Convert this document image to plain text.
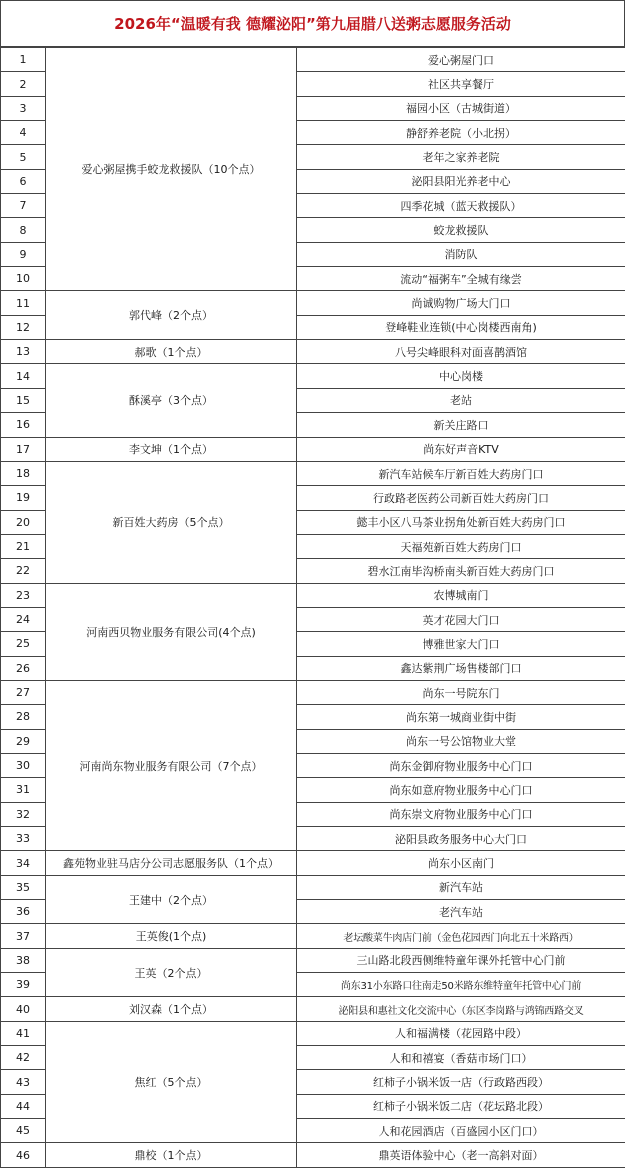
2026年“温暖有我 德耀泌阳”第九届腊八送粥志愿服务活动
1	爱心粥屋携手蛟龙救援队（10个点）	爱心粥屋门口
2		社区共享餐厅
3		福园小区（古城街道）
4		静舒养老院（小北拐）
5		老年之家养老院
6		泌阳县阳光养老中心
7		四季花城（蓝天救援队）
8		蛟龙救援队
9		消防队
10		流动“福粥车”全城有缘尝
11	郭代峰（2个点）	尚诚购物广场大门口
12		登峰鞋业连锁(中心岗楼西南角)
13	郝歌（1个点）	八号尖峰眼科对面喜鹊酒馆
14	酥溪亭（3个点）	中心岗楼
15		老站
16		新关庄路口
17	李文坤（1个点）	尚东好声音KTV
18	新百姓大药房（5个点）	新汽车站候车厅新百姓大药房门口
19		行政路老医药公司新百姓大药房门口
20		懿丰小区八马茶业拐角处新百姓大药房门口
21		天福苑新百姓大药房门口
22		碧水江南毕沟桥南头新百姓大药房门口
23	河南西贝物业服务有限公司(4个点)	农博城南门
24		英才花园大门口
25		博雅世家大门口
26		鑫达紫荆广场售楼部门口
27	河南尚东物业服务有限公司（7个点）	尚东一号院东门
28		尚东第一城商业街中街
29		尚东一号公馆物业大堂
30		尚东金御府物业服务中心门口
31		尚东如意府物业服务中心门口
32		尚东崇文府物业服务中心门口
33		泌阳县政务服务中心大门口
34	鑫苑物业驻马店分公司志愿服务队（1个点）	尚东小区南门
35	王建中（2个点）	新汽车站
36		老汽车站
37	王英俊(1个点)	老坛酸菜牛肉店门前（金色花园西门向北五十米路西）
38	王英（2个点）	三山路北段西侧维特童年课外托管中心门前
39		尚东31小东路口往南走50米路东维特童年托管中心门前
40	刘汉森（1个点）	泌阳县和惠社文化交流中心（东区李岗路与鸿锦西路交叉
41	焦红（5个点）	人和福满楼（花园路中段）
42		人和和禧宴（香菇市场门口）
43		红柿子小锅米饭一店（行政路西段）
44		红柿子小锅米饭二店（花坛路北段）
45		人和花园酒店（百盛园小区门口）
46	鼎校（1个点）	鼎英语体验中心（老一高斜对面）
